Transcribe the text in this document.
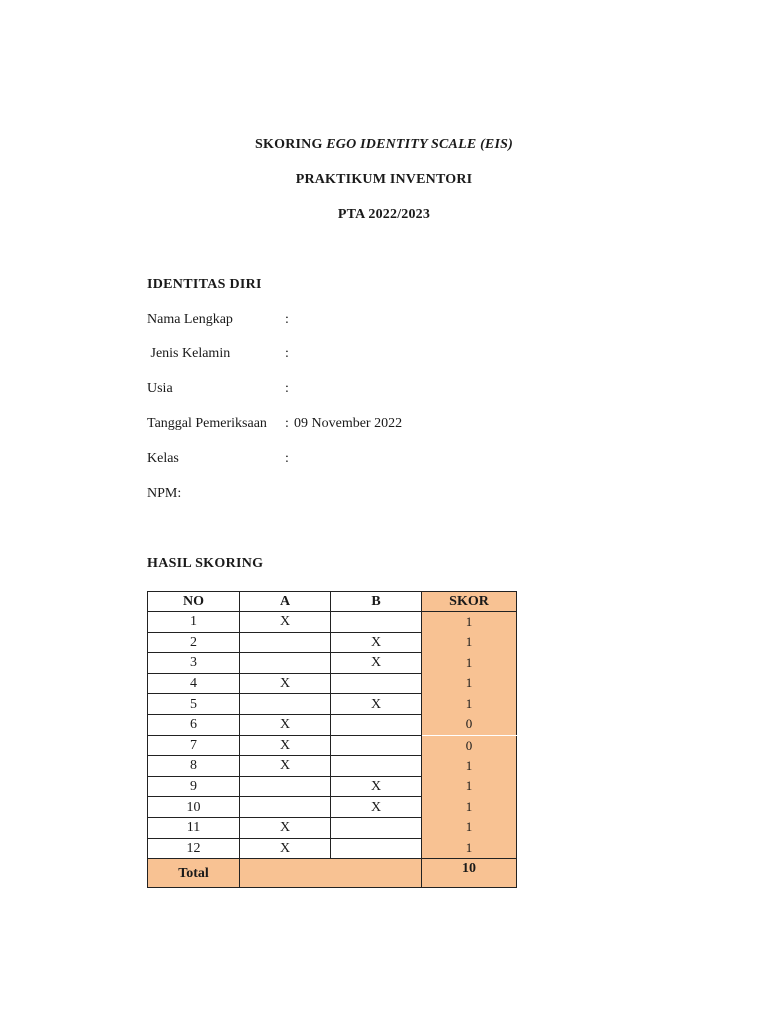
SKORING EGO IDENTITY SCALE (EIS)
PRAKTIKUM INVENTORI
PTA 2022/2023
IDENTITAS DIRI
Nama Lengkap	:
Jenis Kelamin	:
Usia	:
Tanggal Pemeriksaan : 09 November 2022
Kelas	:
NPM:
HASIL SKORING
NO	A	B	SKOR
1	X		1
2		X	1
3		X	1
4	X		1
5		X	1
6	X		0
7	X		0
8	X		1
9		X	1
10		X	1
11	X		1
12	X		1
Total			10
